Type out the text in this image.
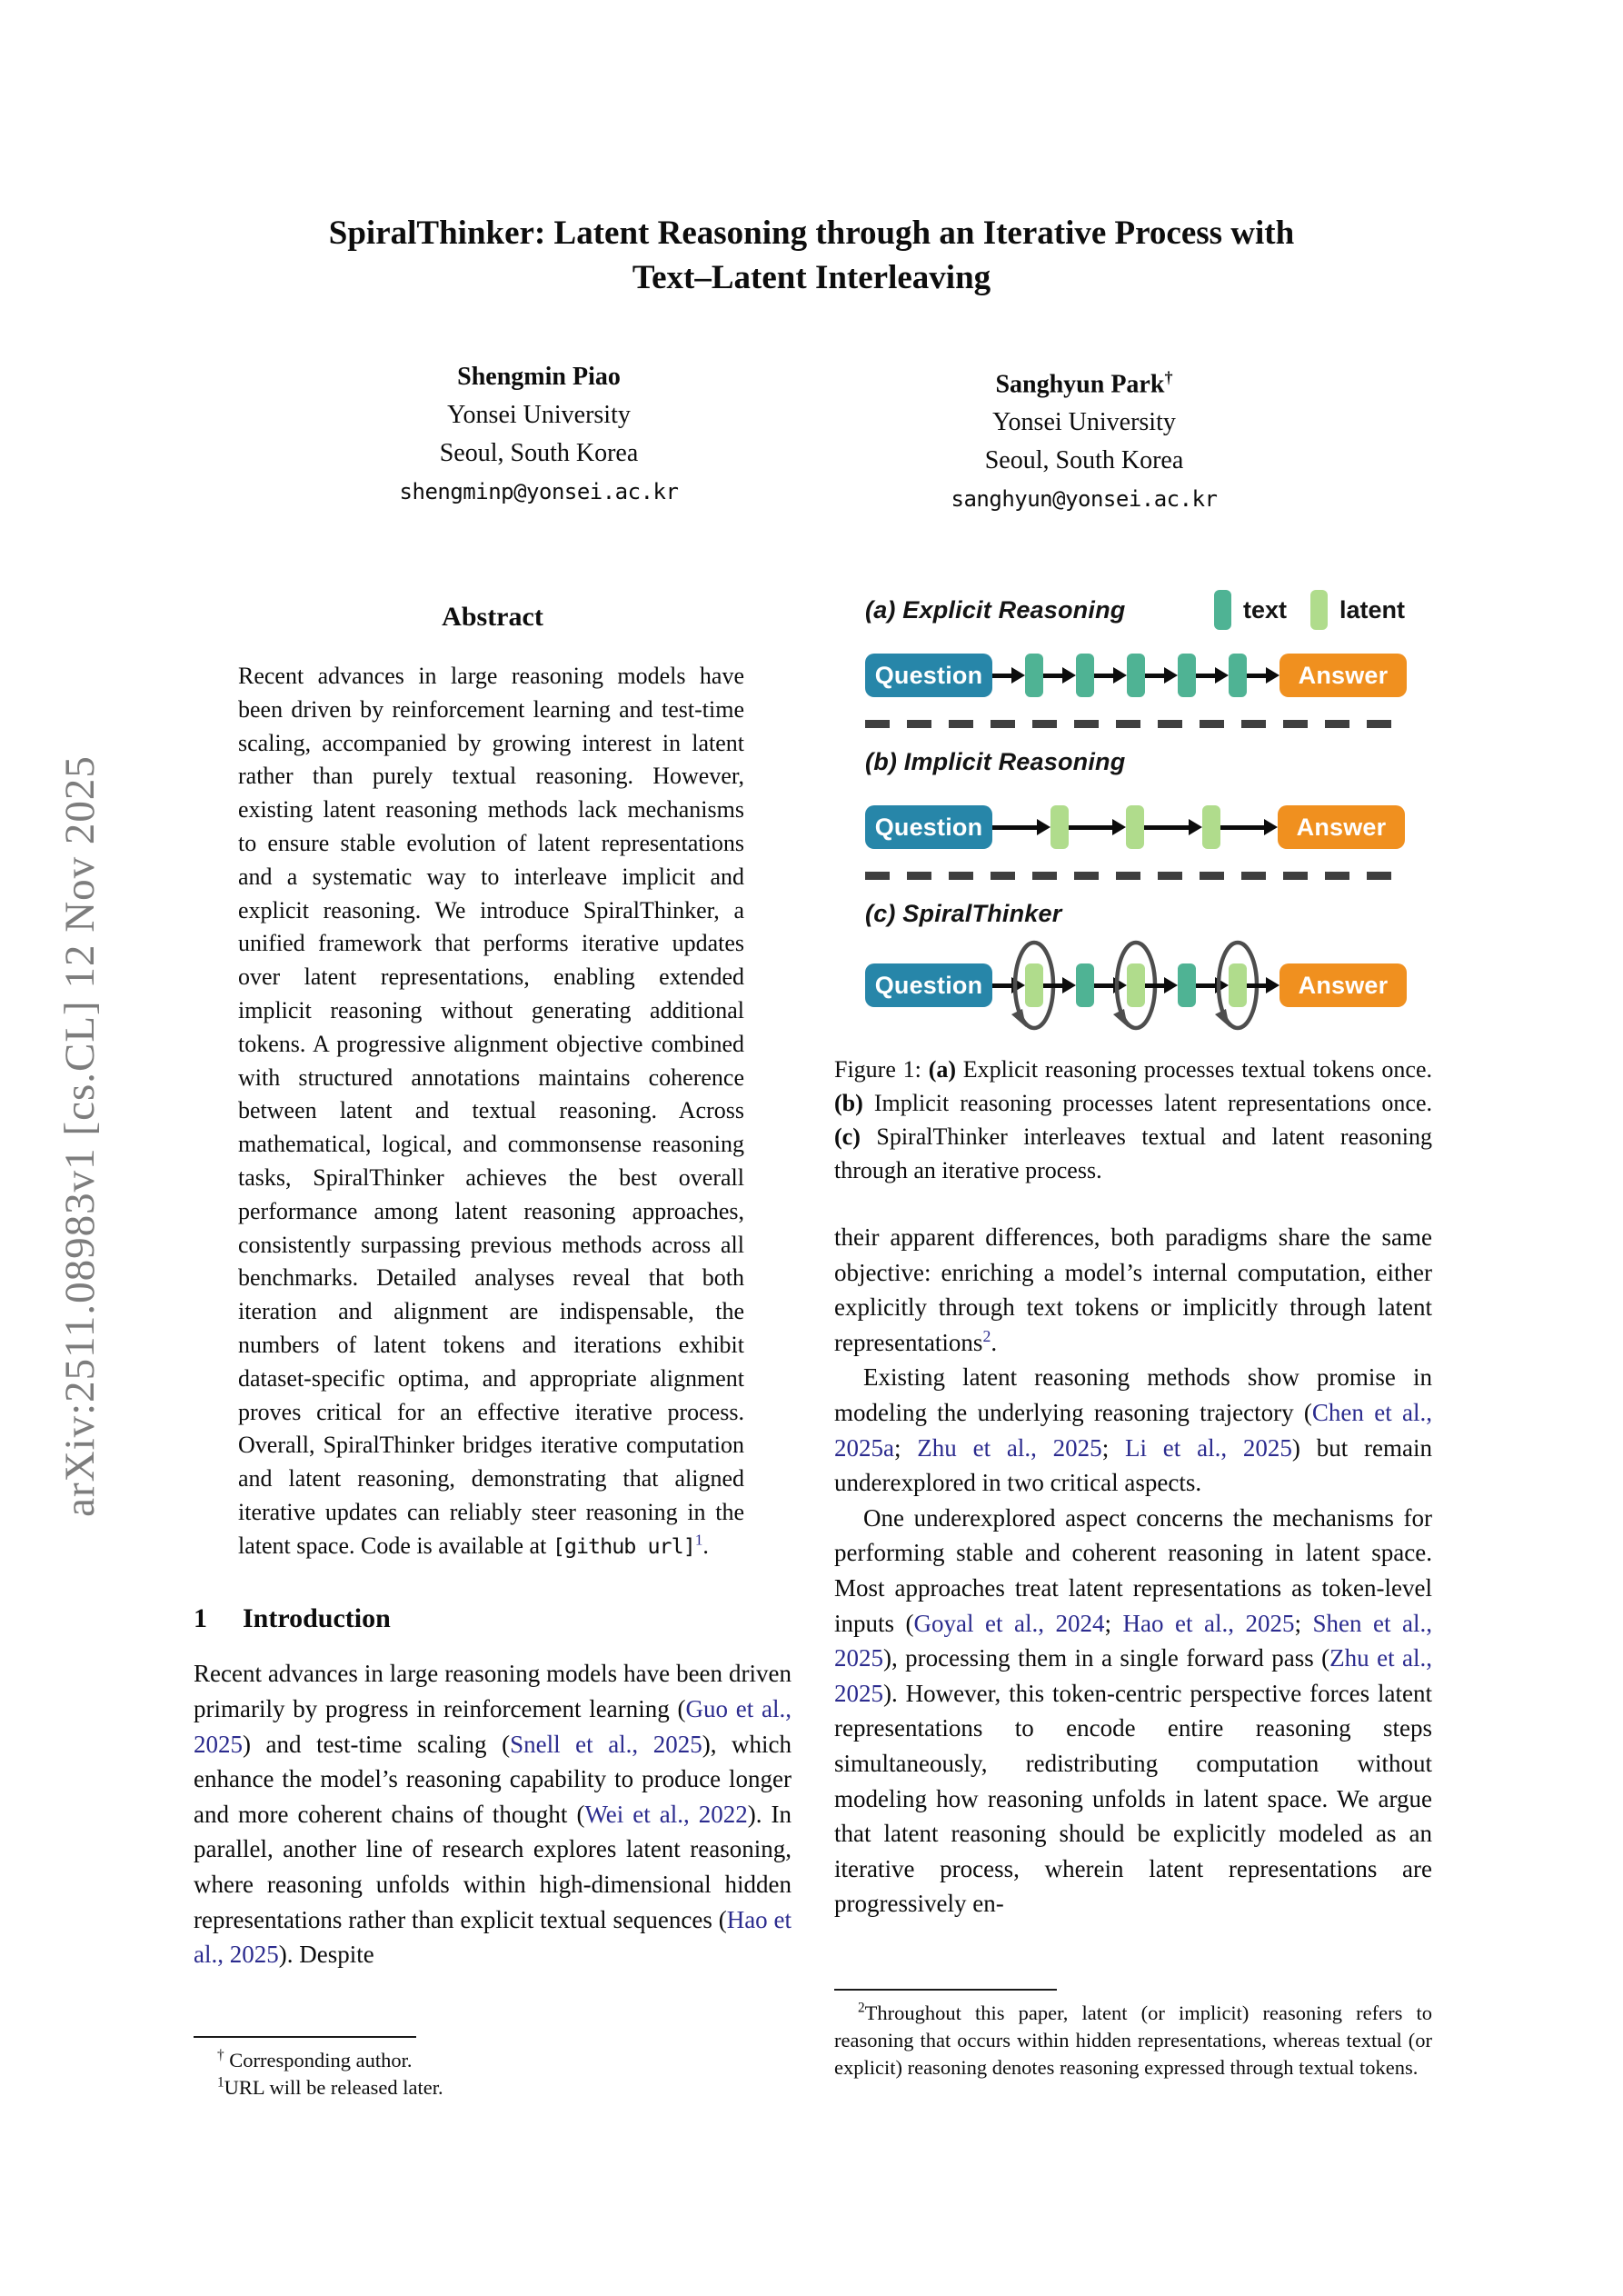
arXiv:2511.08983v1 [cs.CL] 12 Nov 2025
SpiralThinker: Latent Reasoning through an Iterative Process with
Text–Latent Interleaving
Shengmin Piao
Yonsei University
Seoul, South Korea
shengminp@yonsei.ac.kr
Sanghyun Park†
Yonsei University
Seoul, South Korea
sanghyun@yonsei.ac.kr
Abstract

Recent advances in large reasoning models have been driven by reinforcement learning and test-time scaling, accompanied by growing interest in latent rather than purely textual reasoning. However, existing latent reasoning methods lack mechanisms to ensure stable evolution of latent representations and a systematic way to interleave implicit and explicit reasoning. We introduce SpiralThinker, a unified framework that performs iterative updates over latent representations, enabling extended implicit reasoning without generating additional tokens. A progressive alignment objective combined with structured annotations maintains coherence between latent and textual reasoning. Across mathematical, logical, and commonsense reasoning tasks, SpiralThinker achieves the best overall performance among latent reasoning approaches, consistently surpassing previous methods across all benchmarks. Detailed analyses reveal that both iteration and alignment are indispensable, the numbers of latent tokens and iterations exhibit dataset-specific optima, and appropriate alignment proves critical for an effective iterative process. Overall, SpiralThinker bridges iterative computation and latent reasoning, demonstrating that aligned iterative updates can reliably steer reasoning in the latent space. Code is available at [github url]$^1$.

1 Introduction

Recent advances in large reasoning models have been driven primarily by progress in reinforcement learning (Guo et al., 2025) and test-time scaling (Snell et al., 2025), which enhance the model’s reasoning capability to produce longer and more coherent chains of thought (Wei et al., 2022). In parallel, another line of research explores latent reasoning, where reasoning unfolds within high-dimensional hidden representations rather than explicit textual sequences (Hao et al., 2025). Despite

† Corresponding author.
$^1$URL will be released later.
(a) Explicit Reasoning	text latent
Question	Answer
(b) Implicit Reasoning
Question	Answer
(c) SpiralThinker
Question	Answer
Figure 1: (a) Explicit reasoning processes textual tokens once. (b) Implicit reasoning processes latent representations once. (c) SpiralThinker interleaves textual and latent reasoning through an iterative process.

their apparent differences, both paradigms share the same objective: enriching a model’s internal computation, either explicitly through text tokens or implicitly through latent representations$^2$.

Existing latent reasoning methods show promise in modeling the underlying reasoning trajectory (Chen et al., 2025a; Zhu et al., 2025; Li et al., 2025) but remain underexplored in two critical aspects.

One underexplored aspect concerns the mechanisms for performing stable and coherent reasoning in latent space. Most approaches treat latent representations as token-level inputs (Goyal et al., 2024; Hao et al., 2025; Shen et al., 2025), processing them in a single forward pass (Zhu et al., 2025). However, this token-centric perspective forces latent representations to encode entire reasoning steps simultaneously, redistributing computation without modeling how reasoning unfolds in latent space. We argue that latent reasoning should be explicitly modeled as an iterative process, wherein latent representations are progressively en-

$^2$Throughout this paper, latent (or implicit) reasoning refers to reasoning that occurs within hidden representations, whereas textual (or explicit) reasoning denotes reasoning expressed through textual tokens.
